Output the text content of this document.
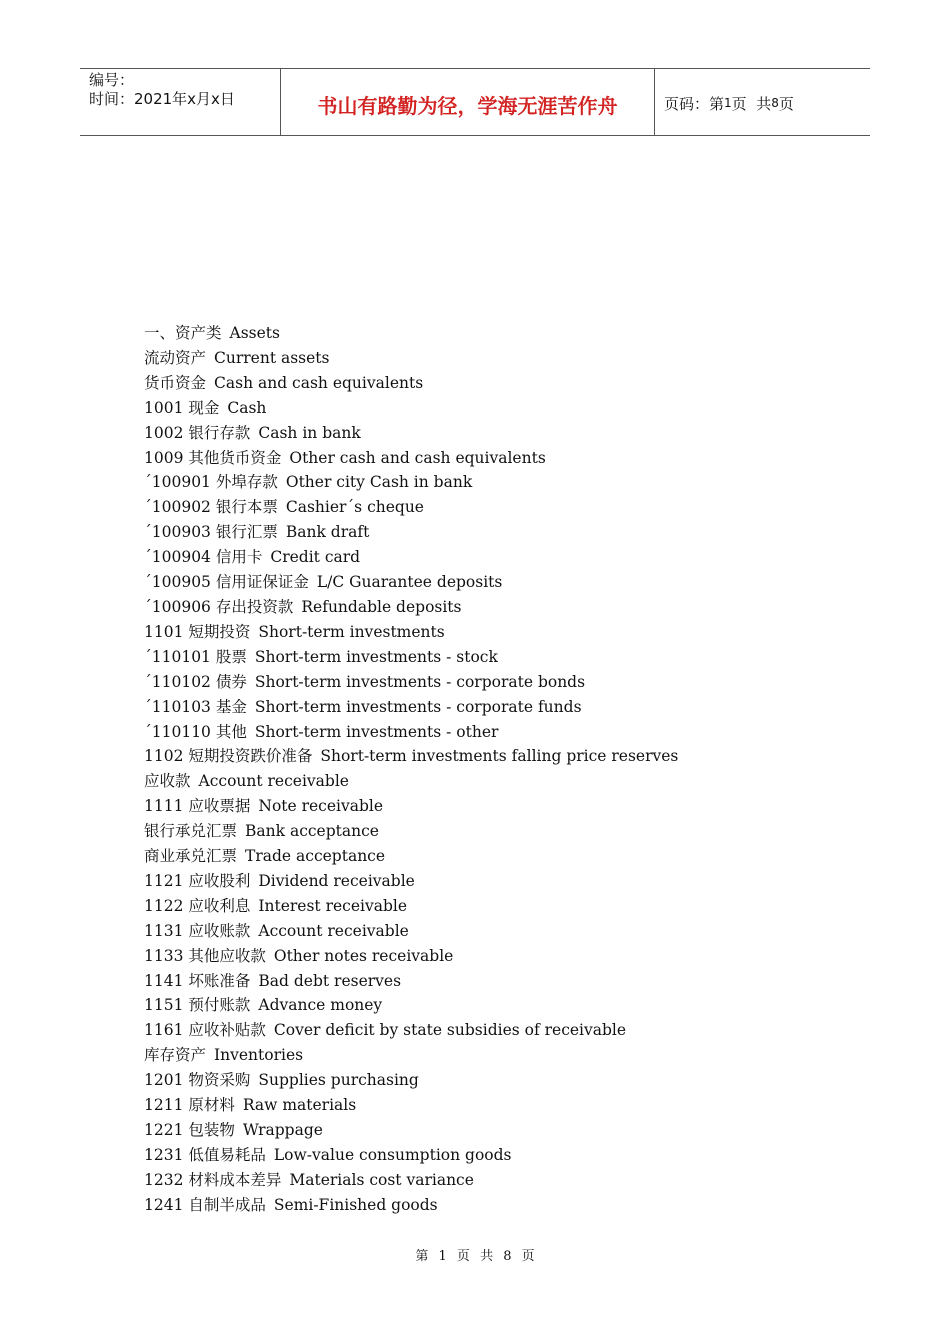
编号：
时间：2021年x月x日	书山有路勤为径，学海无涯苦作舟	页码：第 1 页  共 8 页
一、资产类 Assets
流动资产 Current assets
货币资金 Cash and cash equivalents
1001 现金 Cash
1002 银行存款 Cash in bank
1009 其他货币资金 Other cash and cash equivalents
´100901 外埠存款 Other city Cash in bank
´100902 银行本票 Cashier´s cheque
´100903 银行汇票 Bank draft
´100904 信用卡 Credit card
´100905 信用证保证金 L/C Guarantee deposits
´100906 存出投资款 Refundable deposits
1101 短期投资 Short-term investments
´110101 股票 Short-term investments - stock
´110102 债券 Short-term investments - corporate bonds
´110103 基金 Short-term investments - corporate funds
´110110 其他 Short-term investments - other
1102 短期投资跌价准备 Short-term investments falling price reserves
应收款 Account receivable
1111 应收票据 Note receivable
银行承兑汇票 Bank acceptance
商业承兑汇票 Trade acceptance
1121 应收股利 Dividend receivable
1122 应收利息 Interest receivable
1131 应收账款 Account receivable
1133 其他应收款 Other notes receivable
1141 坏账准备 Bad debt reserves
1151 预付账款 Advance money
1161 应收补贴款 Cover deficit by state subsidies of receivable
库存资产 Inventories
1201 物资采购 Supplies purchasing
1211 原材料 Raw materials
1221 包装物 Wrappage
1231 低值易耗品 Low-value consumption goods
1232 材料成本差异 Materials cost variance
1241 自制半成品 Semi-Finished goods
第 1 页 共 8 页
